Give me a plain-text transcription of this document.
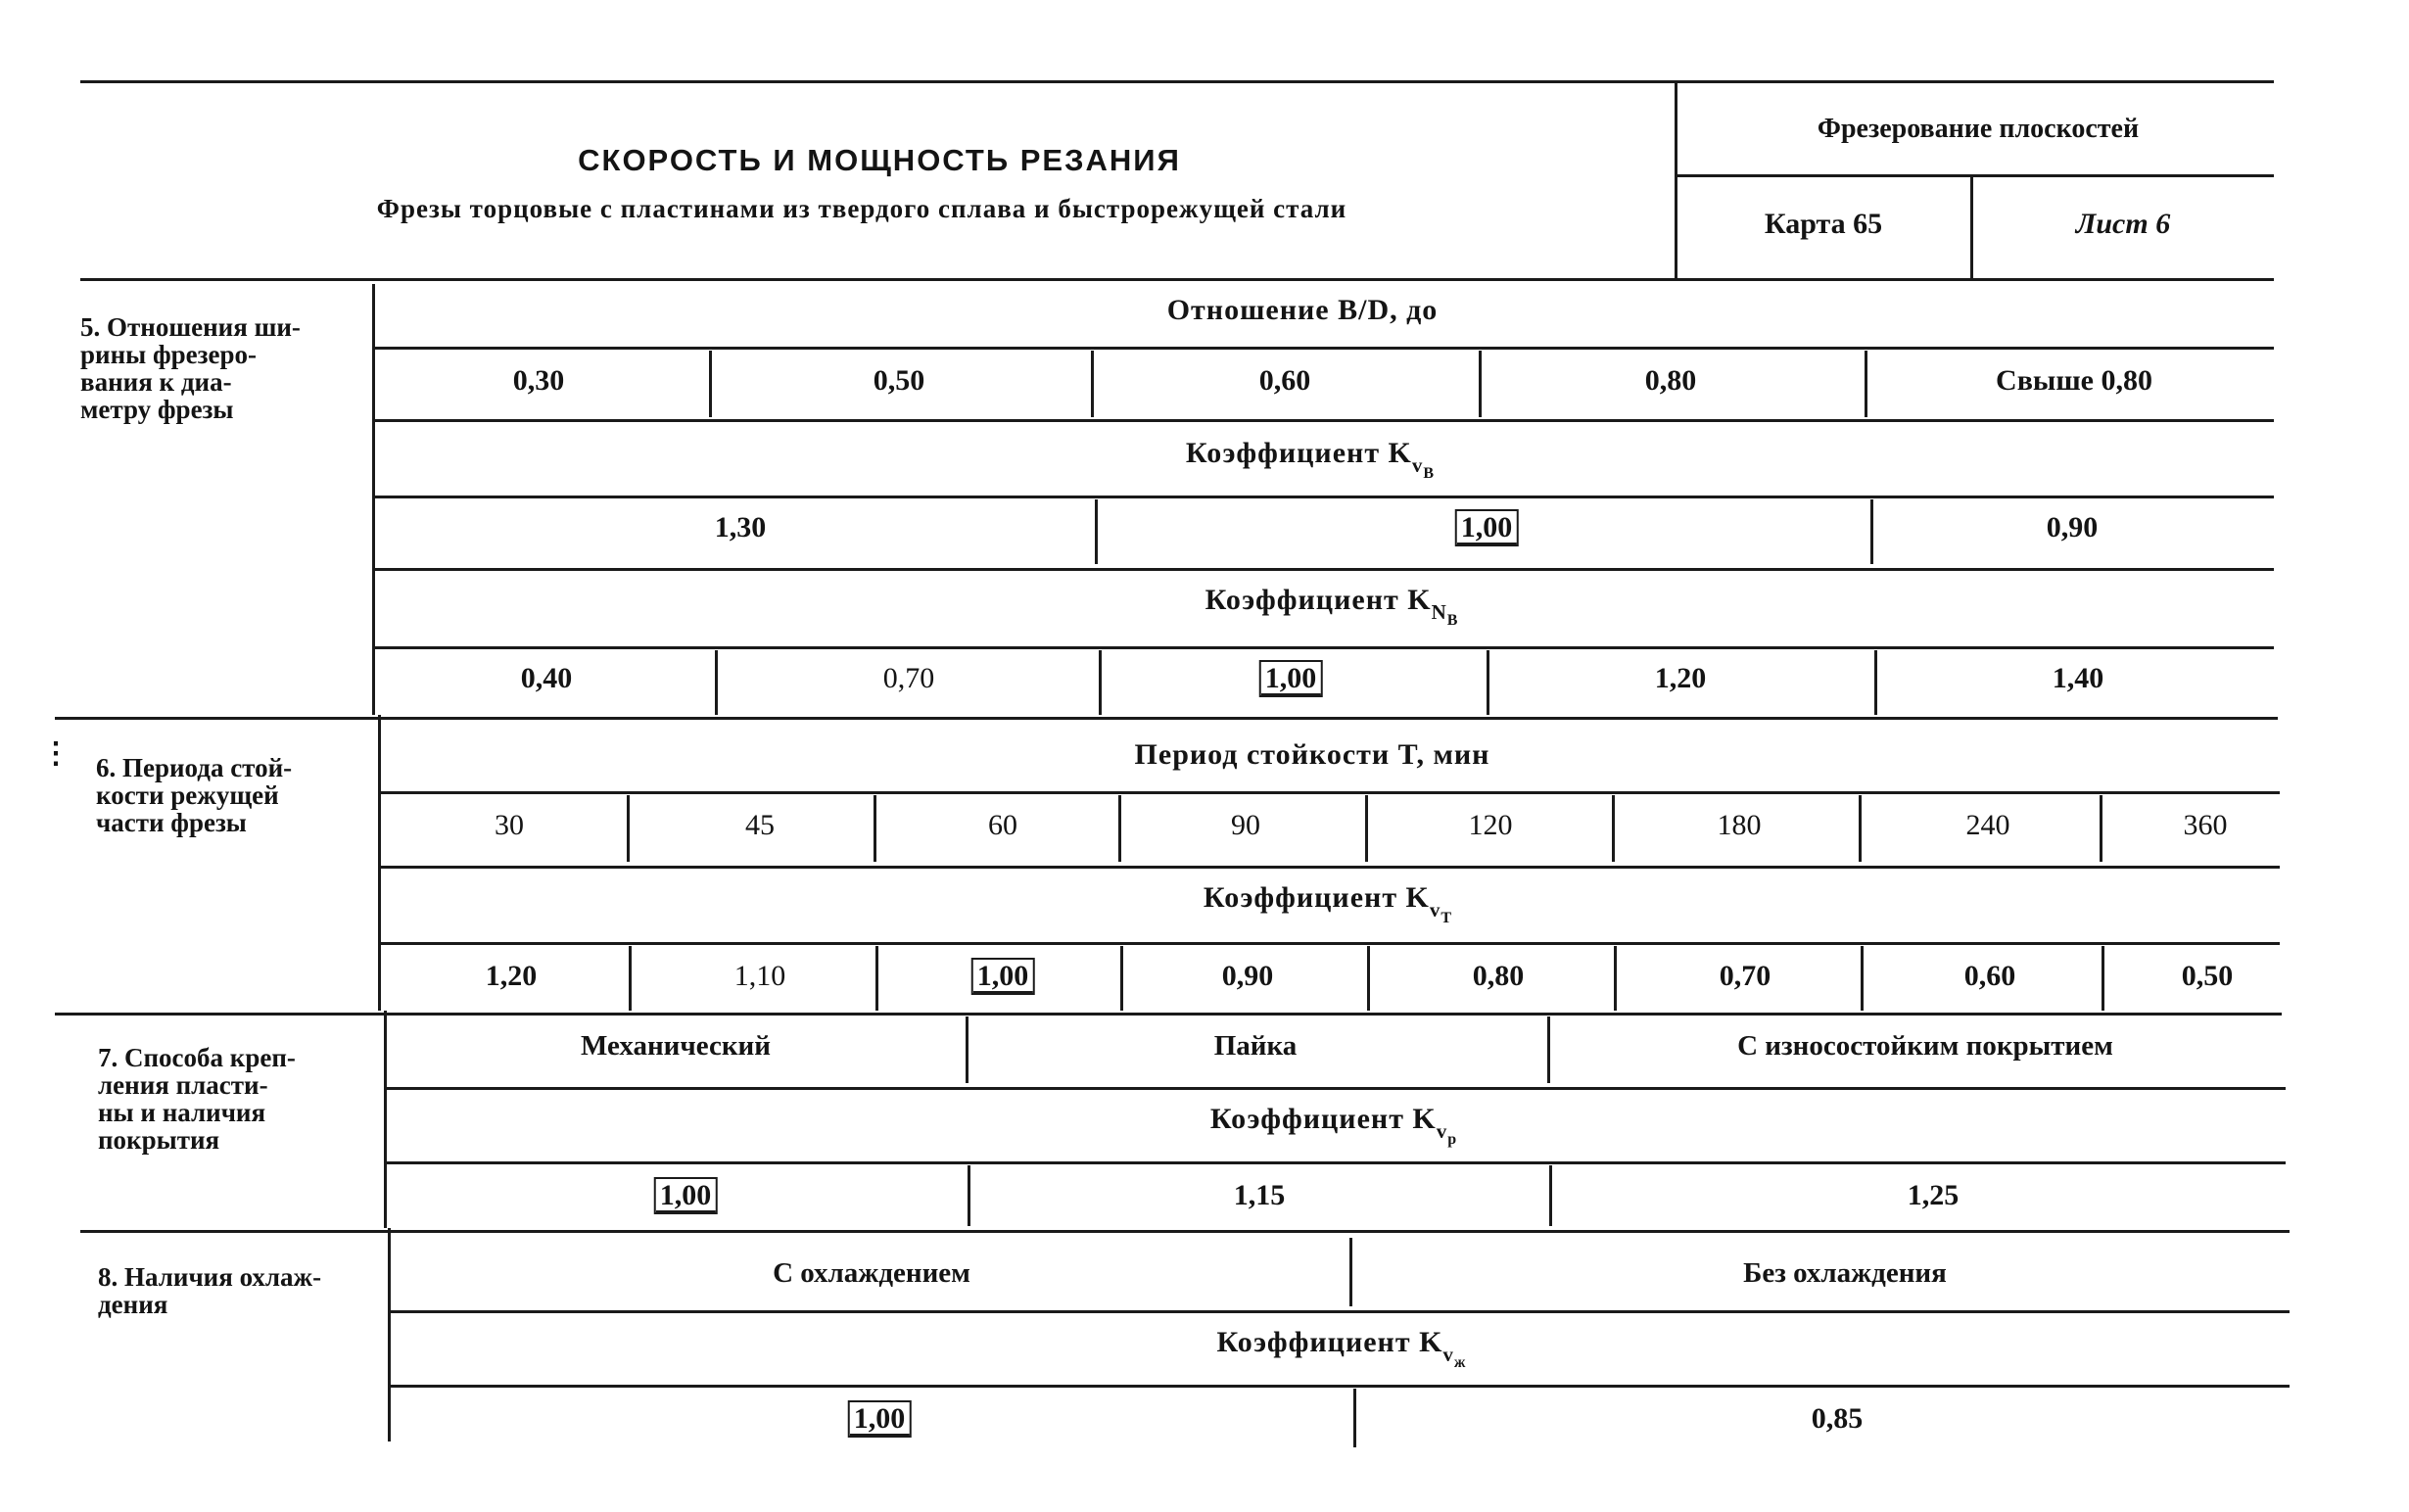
СКОРОСТЬ И МОЩНОСТЬ РЕЗАНИЯ
Фрезы торцовые с пластинами из твердого сплава и быстрорежущей стали
Фрезерование плоскостей
Карта 65	Лист 6
⋮
5. Отношения ши-
рины фрезеро-
вания к диа-
метру фрезы
Отношение B/D, до
0,30	0,50	0,60	0,80	Свыше 0,80
Коэффициент $K_{v_B}$
1,30	1,00	0,90
Коэффициент $K_{N_B}$
0,40	0,70	1,00	1,20	1,40
6. Периода стой-
кости режущей
части фрезы
Период стойкости T, мин
30	45	60	90	120	180	240	360
Коэффициент $K_{v_T}$
1,20	1,10	1,00	0,90	0,80	0,70	0,60	0,50
7. Способа креп-
ления пласти-
ны и наличия
покрытия
Механический	Пайка	С износостойким покрытием
Коэффициент $K_{v_p}$
1,00	1,15	1,25
8. Наличия охлаж-
дения
С охлаждением	Без охлаждения
Коэффициент $K_{v_ж}$
1,00	0,85
